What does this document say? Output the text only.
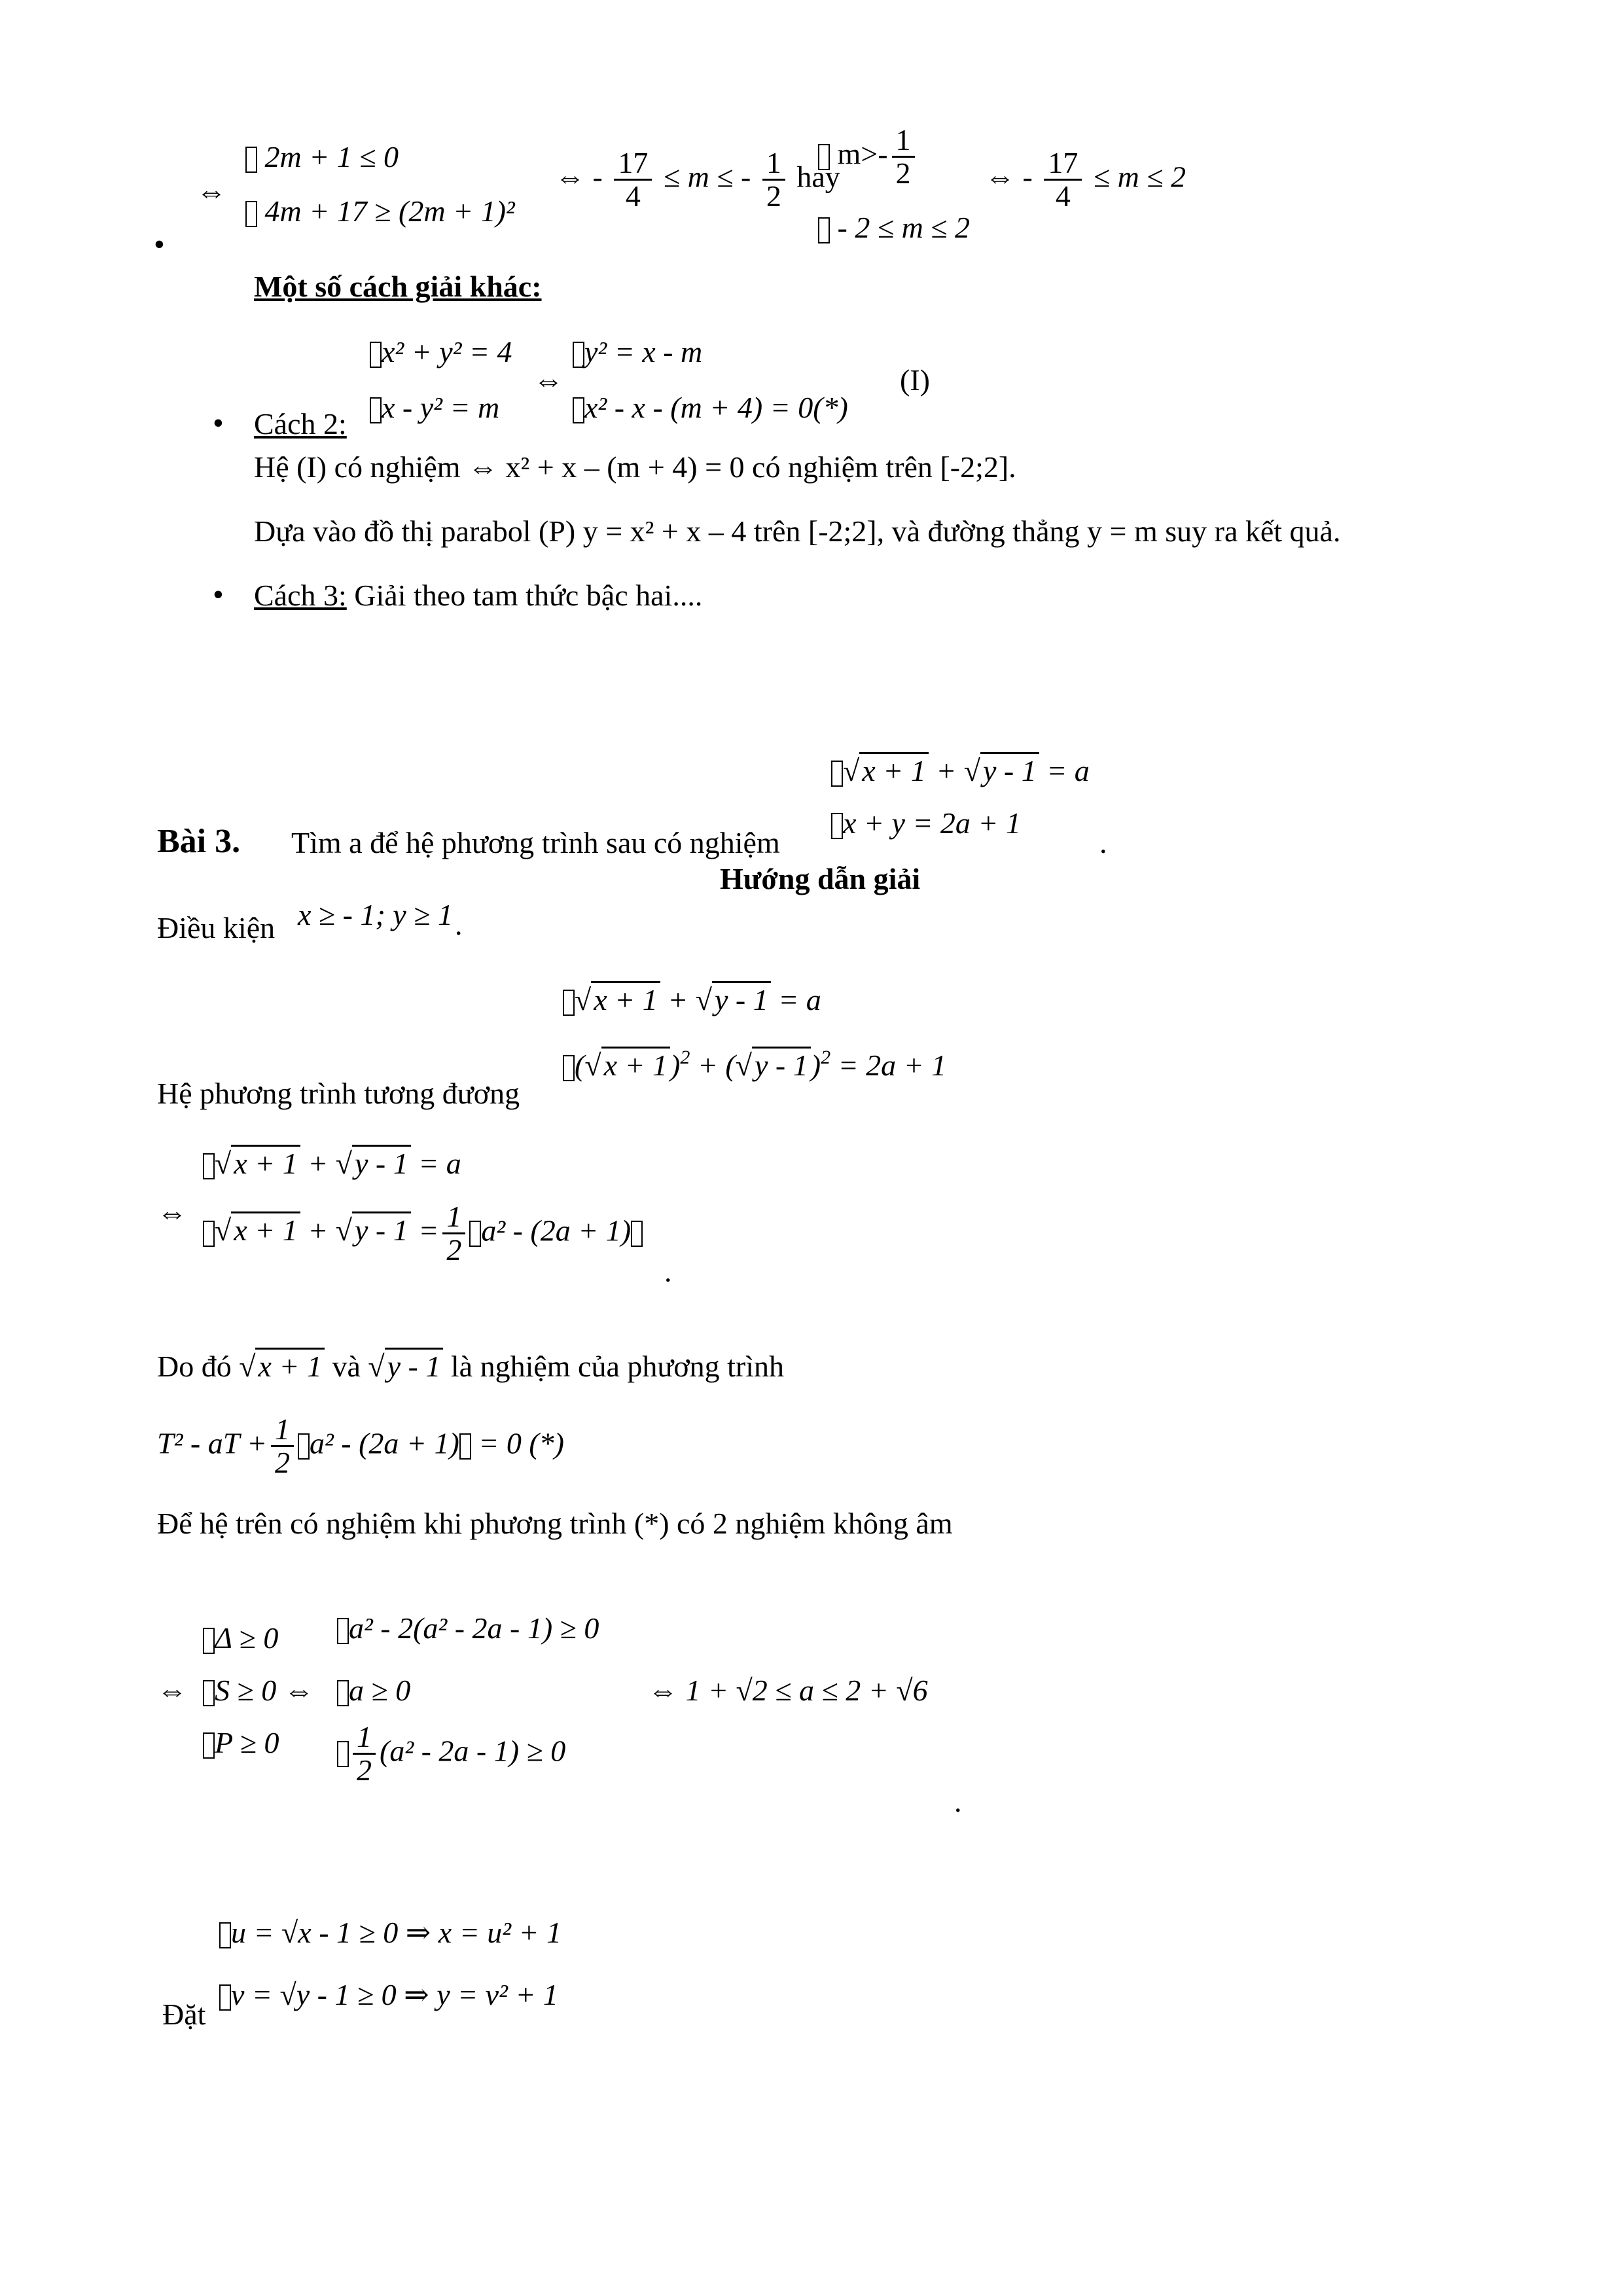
⇔
2m + 1 ≤ 0
4m + 17 ≥ (2m + 1)²
⇔ - $\frac{17}{4} \le m$ ≤ - $\frac{1}{2}$ hay
$m>- \frac{1}{2}$
- 2 ≤ m ≤ 2
⇔ - $\frac{17}{4} \le m \le 2$
•
Một số cách giải khác:
x² + y² = 4
x - y² = m
⇔
y² = x - m
x² - x - (m + 4) = 0(*)
(I)
• Cách 2:
Hệ (I) có nghiệm ⇔ x² + x – (m + 4) = 0 có nghiệm trên [-2;2].
Dựa vào đồ thị parabol (P) y = x² + x – 4 trên [-2;2], và đường thẳng y = m suy ra kết quả.
• Cách 3: Giải theo tam thức bậc hai....
Bài 3. Tìm a để hệ phương trình sau có nghiệm
√x + 1 + √y - 1 = a
x + y = 2a + 1
.
Hướng dẫn giải
Điều kiện x ≥ - 1; y ≥ 1 .
√x + 1 + √y - 1 = a
$(√x + 1)^2 + (√y - 1)^2 = 2a + 1$
Hệ phương trình tương đương
⇔
√x + 1 + √y - 1 = a
$√x + 1 + √y - 1 = \frac{1}{2} a^2 - (2a + 1)$
.
Do đó √x + 1 và √y - 1 là nghiệm của phương trình
T² - aT + $\frac{1}{2} a^2 - (2a + 1) = 0$ (*)
Để hệ trên có nghiệm khi phương trình (*) có 2 nghiệm không âm
⇔
Δ ≥ 0
S ≥ 0 ⇔
P ≥ 0
a² - 2(a² - 2a - 1) ≥ 0
a ≥ 0
$\frac{1}{2} (a^2 - 2a - 1) \ge 0$
⇔ 1 + √2 ≤ a ≤ 2 + √6
.
u = √x - 1 ≥ 0 ⇒ x = u² + 1
v = √y - 1 ≥ 0 ⇒ y = v² + 1
Đặt
